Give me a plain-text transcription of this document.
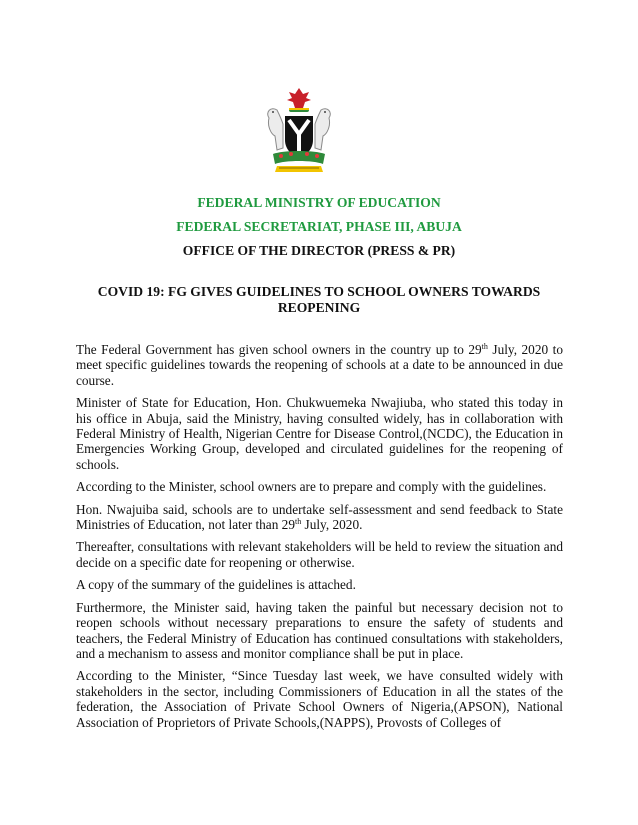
FEDERAL MINISTRY OF EDUCATION

FEDERAL SECRETARIAT, PHASE III, ABUJA

OFFICE OF THE DIRECTOR (PRESS & PR)

COVID 19: FG GIVES GUIDELINES TO SCHOOL OWNERS TOWARDS REOPENING

The Federal Government has given school owners in the country up to 29th July, 2020 to meet specific guidelines towards the reopening of schools at a date to be announced in due course.

Minister of State for Education, Hon. Chukwuemeka Nwajiuba, who stated this today in his office in Abuja, said the Ministry, having consulted widely, has in collaboration with Federal Ministry of Health, Nigerian Centre for Disease Control,(NCDC), the Education in Emergencies Working Group, developed and circulated guidelines for the reopening of schools.

According to the Minister, school owners are to prepare and comply with the guidelines.

Hon. Nwajuiba said, schools are to undertake self-assessment and send feedback to State Ministries of Education, not later than 29th July, 2020.

Thereafter, consultations with relevant stakeholders will be held to review the situation and decide on a specific date for reopening or otherwise.

A copy of the summary of the guidelines is attached.

Furthermore, the Minister said, having taken the painful but necessary decision not to reopen schools without necessary preparations to ensure the safety of students and teachers, the Federal Ministry of Education has continued consultations with stakeholders, and a mechanism to assess and monitor compliance shall be put in place.

According to the Minister, “Since Tuesday last week, we have consulted widely with stakeholders in the sector, including Commissioners of Education in all the states of the federation, the Association of Private School Owners of Nigeria,(APSON), National Association of Proprietors of Private Schools,(NAPPS), Provosts of Colleges of
